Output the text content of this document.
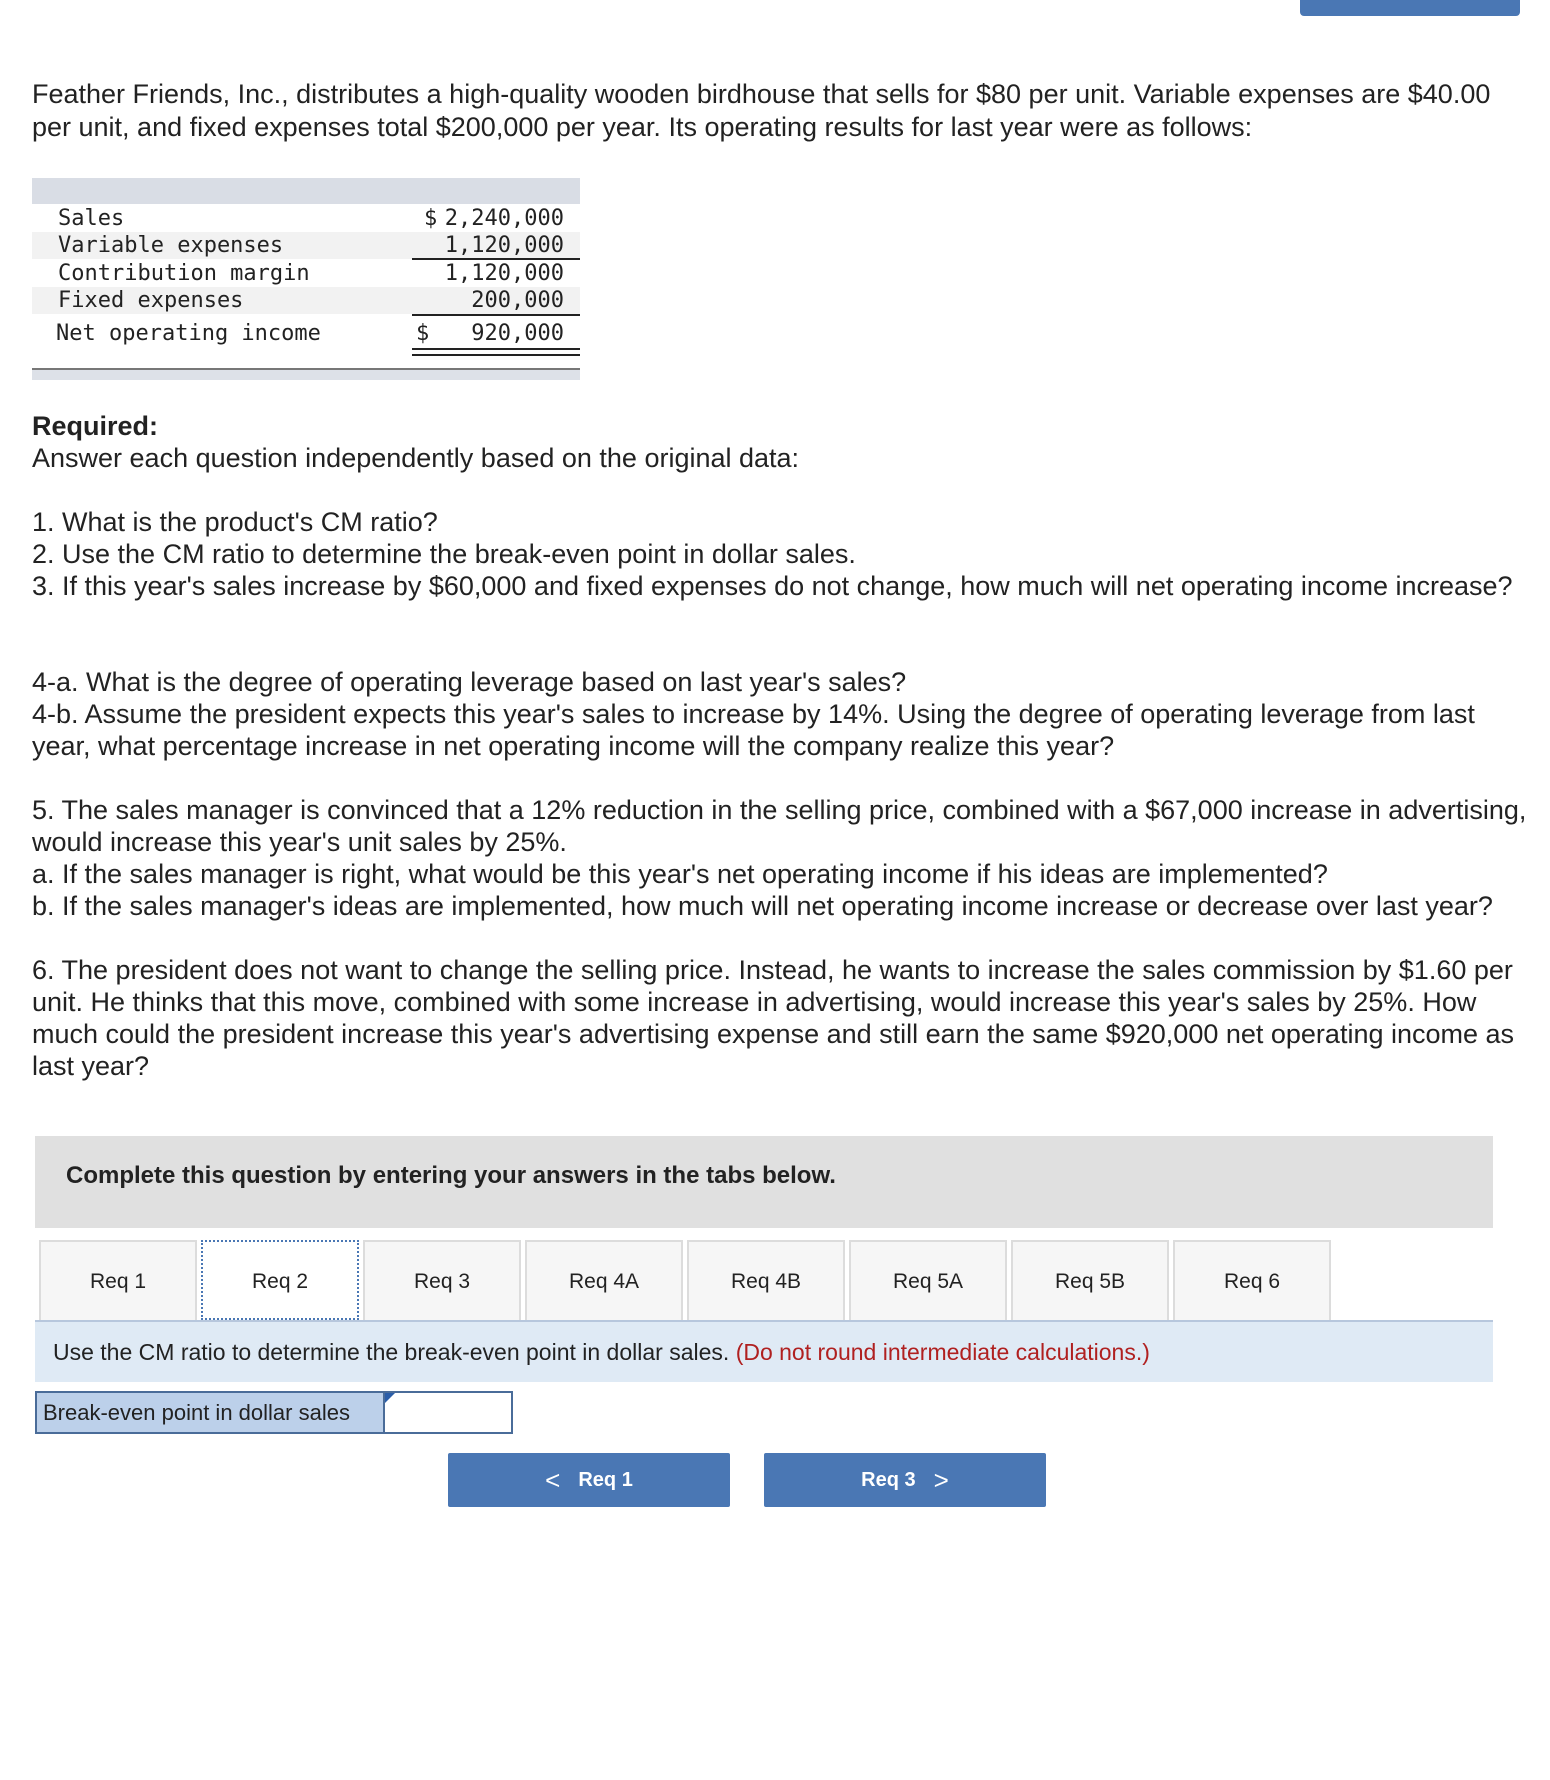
Feather Friends, Inc., distributes a high-quality wooden birdhouse that sells for $80 per unit. Variable expenses are $40.00 per unit, and fixed expenses total $200,000 per year. Its operating results for last year were as follows:

Sales	$ 2,240,000
Variable expenses	1,120,000
Contribution margin	1,120,000
Fixed expenses	200,000
Net operating income	$ 920,000

Required:
Answer each question independently based on the original data:

1. What is the product's CM ratio?
2. Use the CM ratio to determine the break-even point in dollar sales.
3. If this year's sales increase by $60,000 and fixed expenses do not change, how much will net operating income increase?

4-a. What is the degree of operating leverage based on last year's sales?
4-b. Assume the president expects this year's sales to increase by 14%. Using the degree of operating leverage from last year, what percentage increase in net operating income will the company realize this year?

5. The sales manager is convinced that a 12% reduction in the selling price, combined with a $67,000 increase in advertising, would increase this year's unit sales by 25%.
a. If the sales manager is right, what would be this year's net operating income if his ideas are implemented?
b. If the sales manager's ideas are implemented, how much will net operating income increase or decrease over last year?

6. The president does not want to change the selling price. Instead, he wants to increase the sales commission by $1.60 per unit. He thinks that this move, combined with some increase in advertising, would increase this year's sales by 25%. How much could the president increase this year's advertising expense and still earn the same $920,000 net operating income as last year?

Complete this question by entering your answers in the tabs below.
Req 1	Req 2	Req 3	Req 4A	Req 4B	Req 5A	Req 5B	Req 6
Use the CM ratio to determine the break-even point in dollar sales. (Do not round intermediate calculations.)
Break-even point in dollar sales
< Req 1	Req 3 >
